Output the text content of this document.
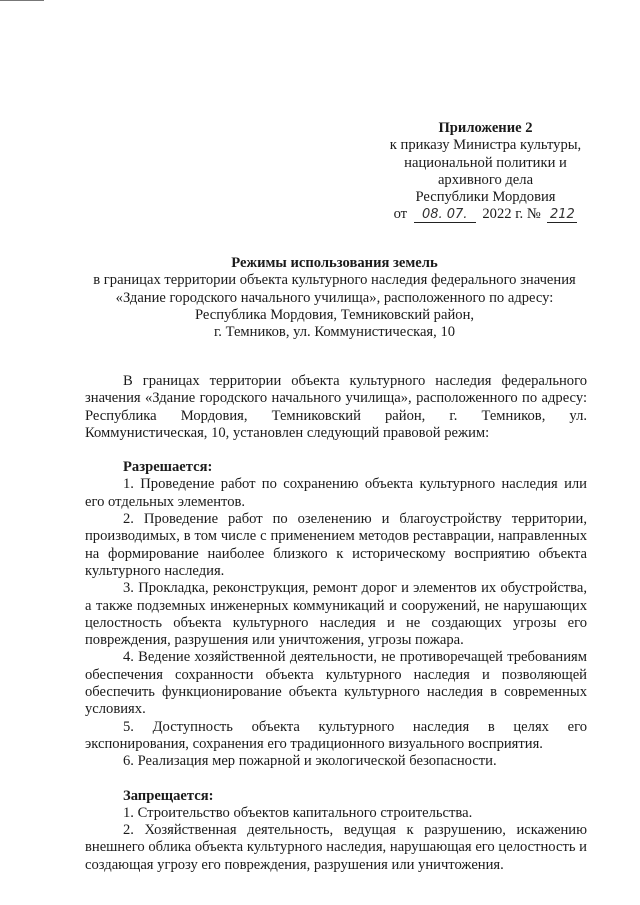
Приложение 2
к приказу Министра культуры,
национальной политики и
архивного дела
Республики Мордовия
от 08. 07. 2022 г. № 212
Режимы использования земель
в границах территории объекта культурного наследия федерального значения
«Здание городского начального училища», расположенного по адресу:
Республика Мордовия, Темниковский район,
г. Темников, ул. Коммунистическая, 10

В границах территории объекта культурного наследия федерального значения «Здание городского начального училища», расположенного по адресу: Республика Мордовия, Темниковский район, г. Темников, ул. Коммунистическая, 10, установлен следующий правовой режим:

Разрешается:

1. Проведение работ по сохранению объекта культурного наследия или его отдельных элементов.

2. Проведение работ по озеленению и благоустройству территории, производимых, в том числе с применением методов реставрации, направленных на формирование наиболее близкого к историческому восприятию объекта культурного наследия.

3. Прокладка, реконструкция, ремонт дорог и элементов их обустройства, а также подземных инженерных коммуникаций и сооружений, не нарушающих целостность объекта культурного наследия и не создающих угрозы его повреждения, разрушения или уничтожения, угрозы пожара.

4. Ведение хозяйственной деятельности, не противоречащей требованиям обеспечения сохранности объекта культурного наследия и позволяющей обеспечить функционирование объекта культурного наследия в современных условиях.

5. Доступность объекта культурного наследия в целях его экспонирования, сохранения его традиционного визуального восприятия.

6. Реализация мер пожарной и экологической безопасности.

Запрещается:

1. Строительство объектов капитального строительства.

2. Хозяйственная деятельность, ведущая к разрушению, искажению внешнего облика объекта культурного наследия, нарушающая его целостность и создающая угрозу его повреждения, разрушения или уничтожения.
